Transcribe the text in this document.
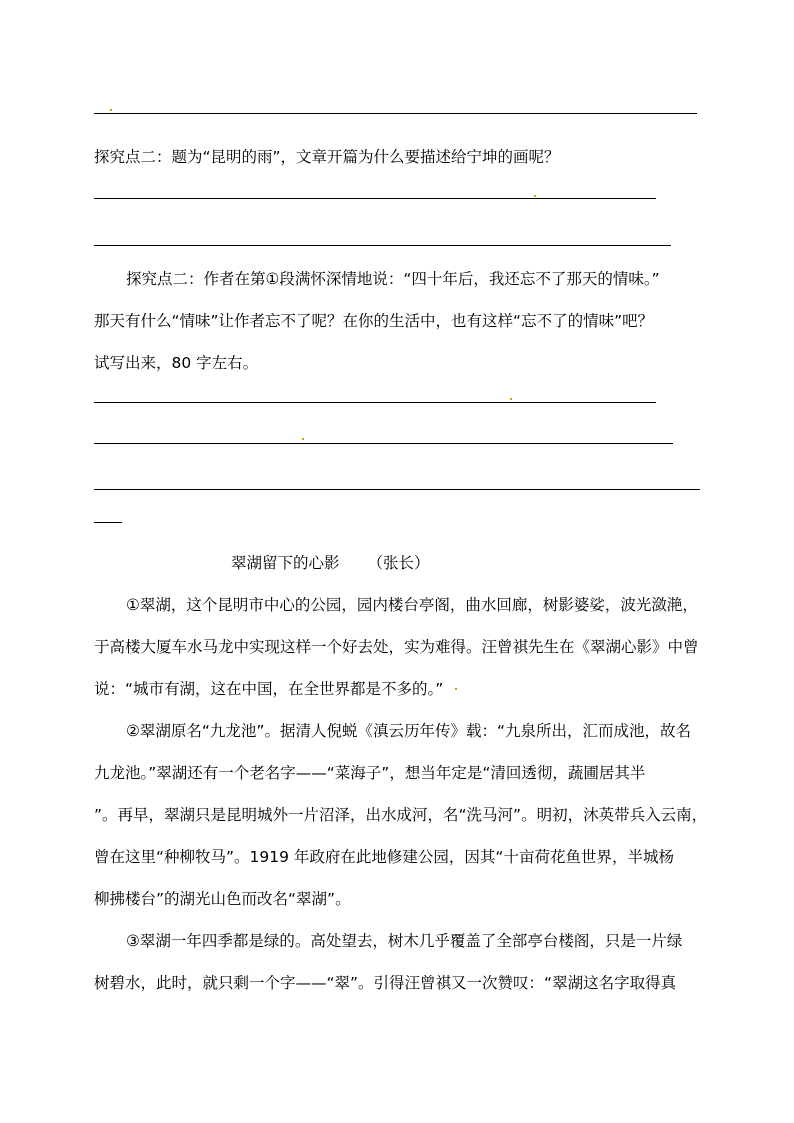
探究点二：题为“昆明的雨”，文章开篇为什么要描述给宁坤的画呢？
探究点二：作者在第①段满怀深情地说：“四十年后，我还忘不了那天的情味。”
那天有什么“情味”让作者忘不了呢？在你的生活中，也有这样“忘不了的情味”吧？
试写出来，80 字左右。
翠湖留下的心影 （张长）
①翠湖，这个昆明市中心的公园，园内楼台亭阁，曲水回廊，树影婆娑，波光潋滟，
于高楼大厦车水马龙中实现这样一个好去处，实为难得。汪曾祺先生在《翠湖心影》中曾
说：“城市有湖，这在中国，在全世界都是不多的。”
②翠湖原名“九龙池”。据清人倪蜕《滇云历年传》载：“九泉所出，汇而成池，故名
九龙池。”翠湖还有一个老名字——“菜海子”，想当年定是“清回透彻，蔬圃居其半
”。再早，翠湖只是昆明城外一片沼泽，出水成河，名“洗马河”。明初，沐英带兵入云南，
曾在这里“种柳牧马”。1919 年政府在此地修建公园，因其“十亩荷花鱼世界，半城杨
柳拂楼台”的湖光山色而改名“翠湖”。
③翠湖一年四季都是绿的。高处望去，树木几乎覆盖了全部亭台楼阁，只是一片绿
树碧水，此时，就只剩一个字——“翠”。引得汪曾祺又一次赞叹：“翠湖这名字取得真
